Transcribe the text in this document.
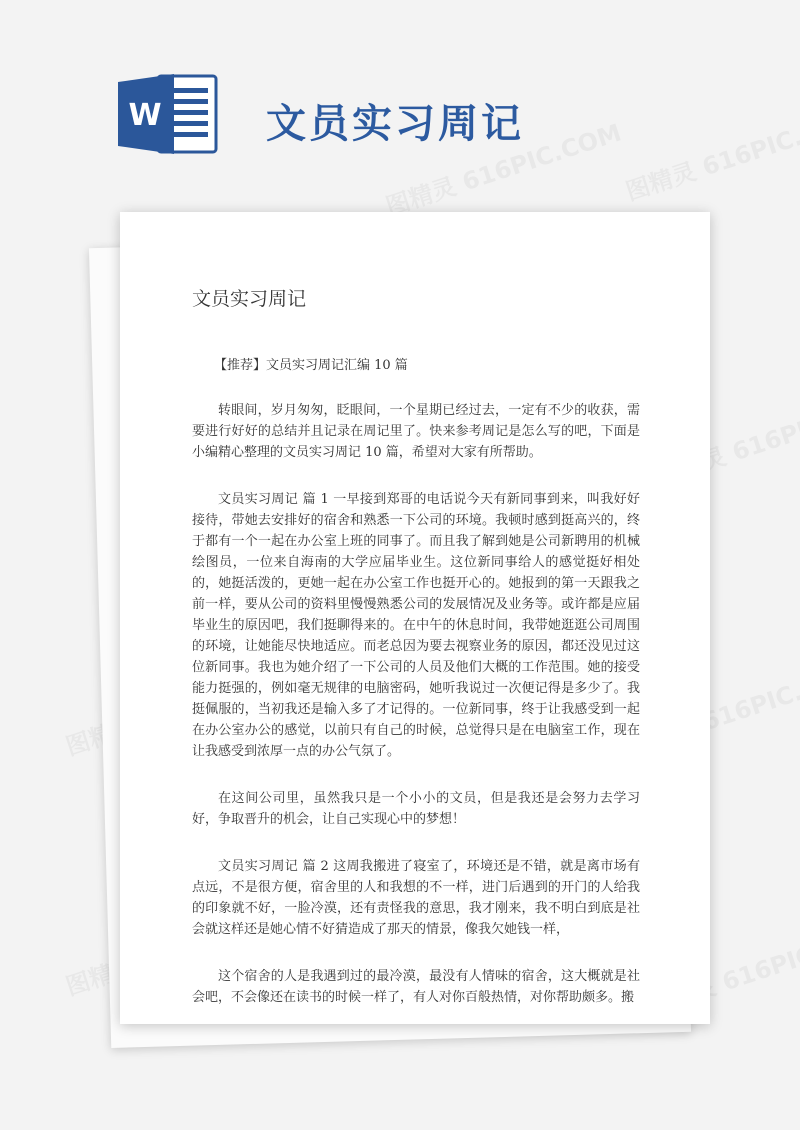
W	文员实习周记
文员实习周记

【推荐】文员实习周记汇编 10 篇

转眼间，岁月匆匆，眨眼间，一个星期已经过去，一定有不少的收获，需要进行好好的总结并且记录在周记里了。快来参考周记是怎么写的吧，下面是小编精心整理的文员实习周记 10 篇，希望对大家有所帮助。

文员实习周记 篇 1 一早接到郑哥的电话说今天有新同事到来，叫我好好接待，带她去安排好的宿舍和熟悉一下公司的环境。我顿时感到挺高兴的，终于都有一个一起在办公室上班的同事了。而且我了解到她是公司新聘用的机械绘图员，一位来自海南的大学应届毕业生。这位新同事给人的感觉挺好相处的，她挺活泼的，更她一起在办公室工作也挺开心的。她报到的第一天跟我之前一样，要从公司的资料里慢慢熟悉公司的发展情况及业务等。或许都是应届毕业生的原因吧，我们挺聊得来的。在中午的休息时间，我带她逛逛公司周围的环境，让她能尽快地适应。而老总因为要去视察业务的原因，都还没见过这位新同事。我也为她介绍了一下公司的人员及他们大概的工作范围。她的接受能力挺强的，例如毫无规律的电脑密码，她听我说过一次便记得是多少了。我挺佩服的，当初我还是输入多了才记得的。一位新同事，终于让我感受到一起在办公室办公的感觉，以前只有自己的时候，总觉得只是在电脑室工作，现在让我感受到浓厚一点的办公气氛了。

在这间公司里，虽然我只是一个小小的文员，但是我还是会努力去学习好，争取晋升的机会，让自己实现心中的梦想！

文员实习周记 篇 2 这周我搬进了寝室了，环境还是不错，就是离市场有点远，不是很方便，宿舍里的人和我想的不一样，进门后遇到的开门的人给我的印象就不好，一脸冷漠，还有责怪我的意思，我才刚来，我不明白到底是社会就这样还是她心情不好猜造成了那天的情景，像我欠她钱一样，

这个宿舍的人是我遇到过的最冷漠，最没有人情味的宿舍，这大概就是社会吧，不会像还在读书的时候一样了，有人对你百般热情，对你帮助颇多。搬
